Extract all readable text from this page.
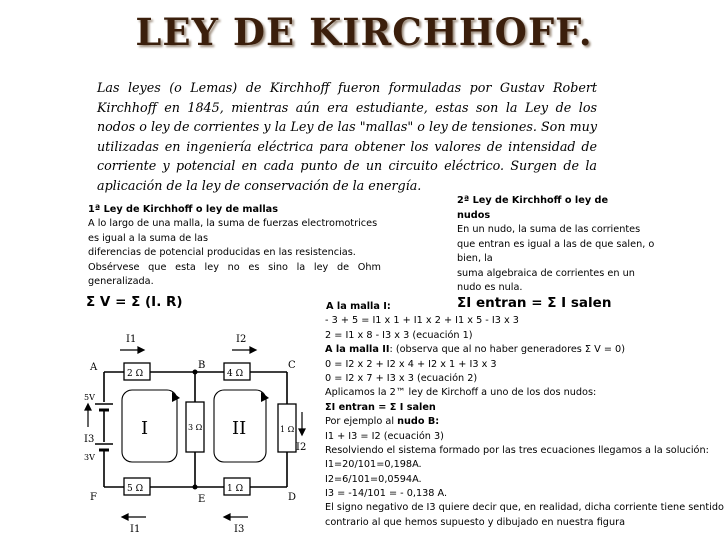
LEY DE KIRCHHOFF.
Las leyes (o Lemas) de Kirchhoff fueron formuladas por Gustav Robert Kirchhoff en 1845, mientras aún era estudiante, estas son la Ley de los nodos o ley de corrientes y la Ley de las "mallas" o ley de tensiones. Son muy utilizadas en ingeniería eléctrica para obtener los valores de intensidad de corriente y potencial en cada punto de un circuito eléctrico. Surgen de la aplicación de la ley de conservación de la energía.
1ª Ley de Kirchhoff o ley de mallas
A lo largo de una malla, la suma de fuerzas electromotrices
es igual a la suma de las
diferencias de potencial producidas en las resistencias.
Obsérvese que esta ley no es sino la ley de Ohm
generalizada.
Σ V = Σ (I. R)
2ª Ley de Kirchhoff o ley de
nudos
En un nudo, la suma de las corrientes
que entran es igual a las de que salen, o
bien, la
suma algebraica de corrientes en un
nudo es nula.
ΣI entran = Σ I salen
A la malla I:
- 3 + 5 = I1 x 1 + I1 x 2 + I1 x 5 - I3 x 3
2 = I1 x 8 - I3 x 3 (ecuación 1)
A la malla II: (observa que al no haber generadores Σ V = 0)
0 = I2 x 2 + I2 x 4 + I2 x 1 + I3 x 3
0 = I2 x 7 + I3 x 3 (ecuación 2)
Aplicamos la 2™ ley de Kirchoff a uno de los dos nudos:
ΣI entran = Σ I salen
Por ejemplo al nudo B:
I1 + I3 = I2 (ecuación 3)
Resolviendo el sistema formado por las tres ecuaciones llegamos a la solución:
I1=20/101=0,198A.
I2=6/101=0,0594A.
I3 = -14/101 = - 0,138 A.
El signo negativo de I3 quiere decir que, en realidad, dicha corriente tiene sentido
contrario al que hemos supuesto y dibujado en nuestra figura
A	B	C
D
E
F
I1	I2
I3
I1	I3
I2
2 Ω	4 Ω
5 Ω	1 Ω
1 Ω
3 Ω
5V
3V
I	II
